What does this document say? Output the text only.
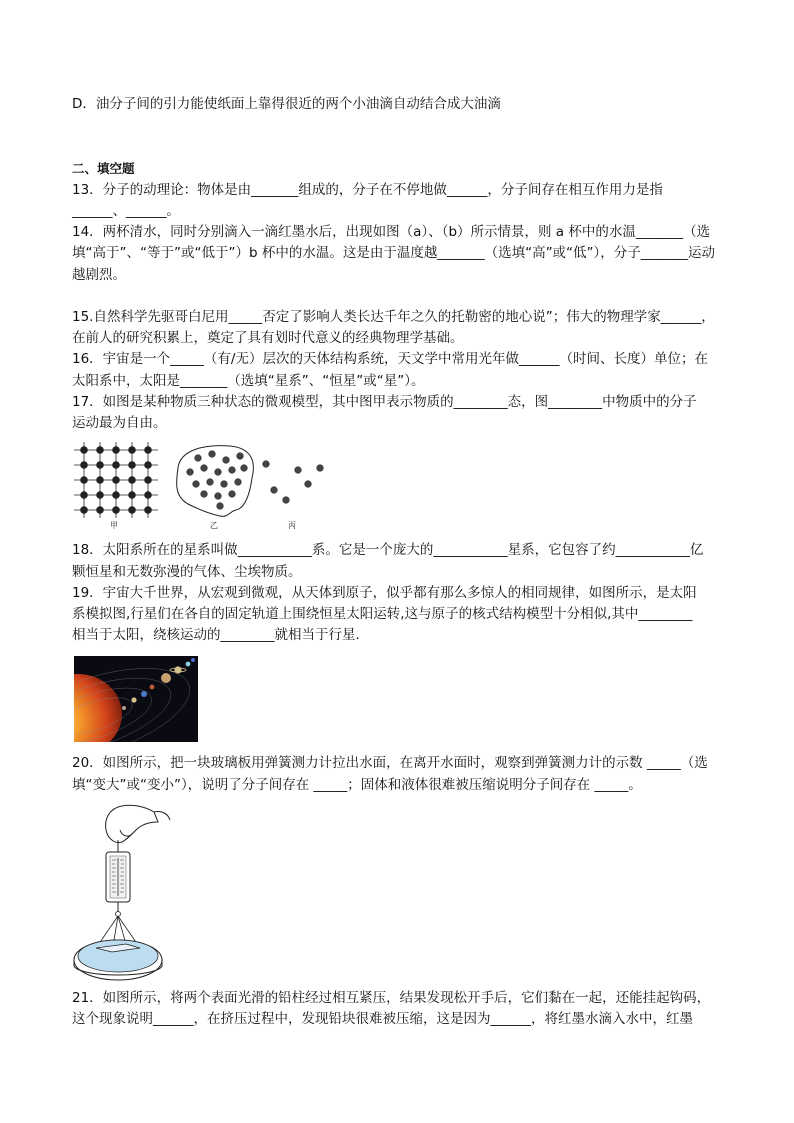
D．油分子间的引力能使纸面上靠得很近的两个小油滴自动结合成大油滴
二、填空题
13．分子的动理论：物体是由_______组成的，分子在不停地做______，分子间存在相互作用力是指
______、______。
14．两杯清水，同时分别滴入一滴红墨水后，出现如图（a）、（b）所示情景，则 a 杯中的水温_______（选
填“高于”、“等于”或“低于”）b 杯中的水温。这是由于温度越_______（选填“高”或“低”），分子_______运动
越剧烈。
15.自然科学先驱哥白尼用_____否定了影响人类长达千年之久的托勒密的地心说”；伟大的物理学家______，
在前人的研究积累上，奠定了具有划时代意义的经典物理学基础。
16．宇宙是一个_____（有/无）层次的天体结构系统，天文学中常用光年做______（时间、长度）单位；在
太阳系中，太阳是_______（选填“星系”、“恒星”或“星”）。
17．如图是某种物质三种状态的微观模型，其中图甲表示物质的________态，图________中物质中的分子
运动最为自由。
甲	乙	丙
18．太阳系所在的星系叫做___________系。它是一个庞大的___________星系，它包容了约___________亿
颗恒星和无数弥漫的气体、尘埃物质。
19．宇宙大千世界，从宏观到微观，从天体到原子，似乎都有那么多惊人的相同规律，如图所示，是太阳
系模拟图,行星们在各自的固定轨道上围绕恒星太阳运转,这与原子的核式结构模型十分相似,其中________
相当于太阳，绕核运动的________就相当于行星．
20．如图所示，把一块玻璃板用弹簧测力计拉出水面，在离开水面时，观察到弹簧测力计的示数 _____（选
填“变大”或“变小”），说明了分子间存在 _____；固体和液体很难被压缩说明分子间存在 _____。
21．如图所示，将两个表面光滑的铅柱经过相互紧压，结果发现松开手后，它们黏在一起，还能挂起钩码，
这个现象说明______，在挤压过程中，发现铅块很难被压缩，这是因为______，将红墨水滴入水中，红墨
